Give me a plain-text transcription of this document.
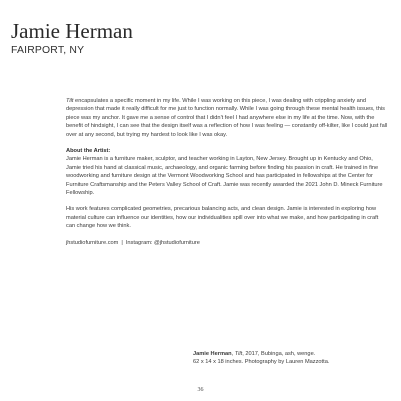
Jamie Herman
FAIRPORT, NY

Tilt encapsulates a specific moment in my life. While I was working on this piece, I was dealing with crippling anxiety and depression that made it really difficult for me just to function normally. While I was going through these mental health issues, this piece was my anchor. It gave me a sense of control that I didn't feel I had anywhere else in my life at the time. Now, with the benefit of hindsight, I can see that the design itself was a reflection of how I was feeling — constantly off-kilter, like I could just fall over at any second, but trying my hardest to look like I was okay.

About the Artist:

Jamie Herman is a furniture maker, sculptor, and teacher working in Layton, New Jersey. Brought up in Kentucky and Ohio, Jamie tried his hand at classical music, archaeology, and organic farming before finding his passion in craft. He trained in fine woodworking and furniture design at the Vermont Woodworking School and has participated in fellowships at the Center for Furniture Craftsmanship and the Peters Valley School of Craft. Jamie was recently awarded the 2021 John D. Mineck Furniture Fellowship.

His work features complicated geometries, precarious balancing acts, and clean design. Jamie is interested in exploring how material culture can influence our identities, how our individualities spill over into what we make, and how participating in craft can change how we think.

jhstudiofurniture.com | Instagram: @jhstudiofurniture

Jamie Herman, Tilt, 2017, Bubinga, ash, wenge.
62 x 14 x 18 inches. Photography by Lauren Mazzotta.
36
